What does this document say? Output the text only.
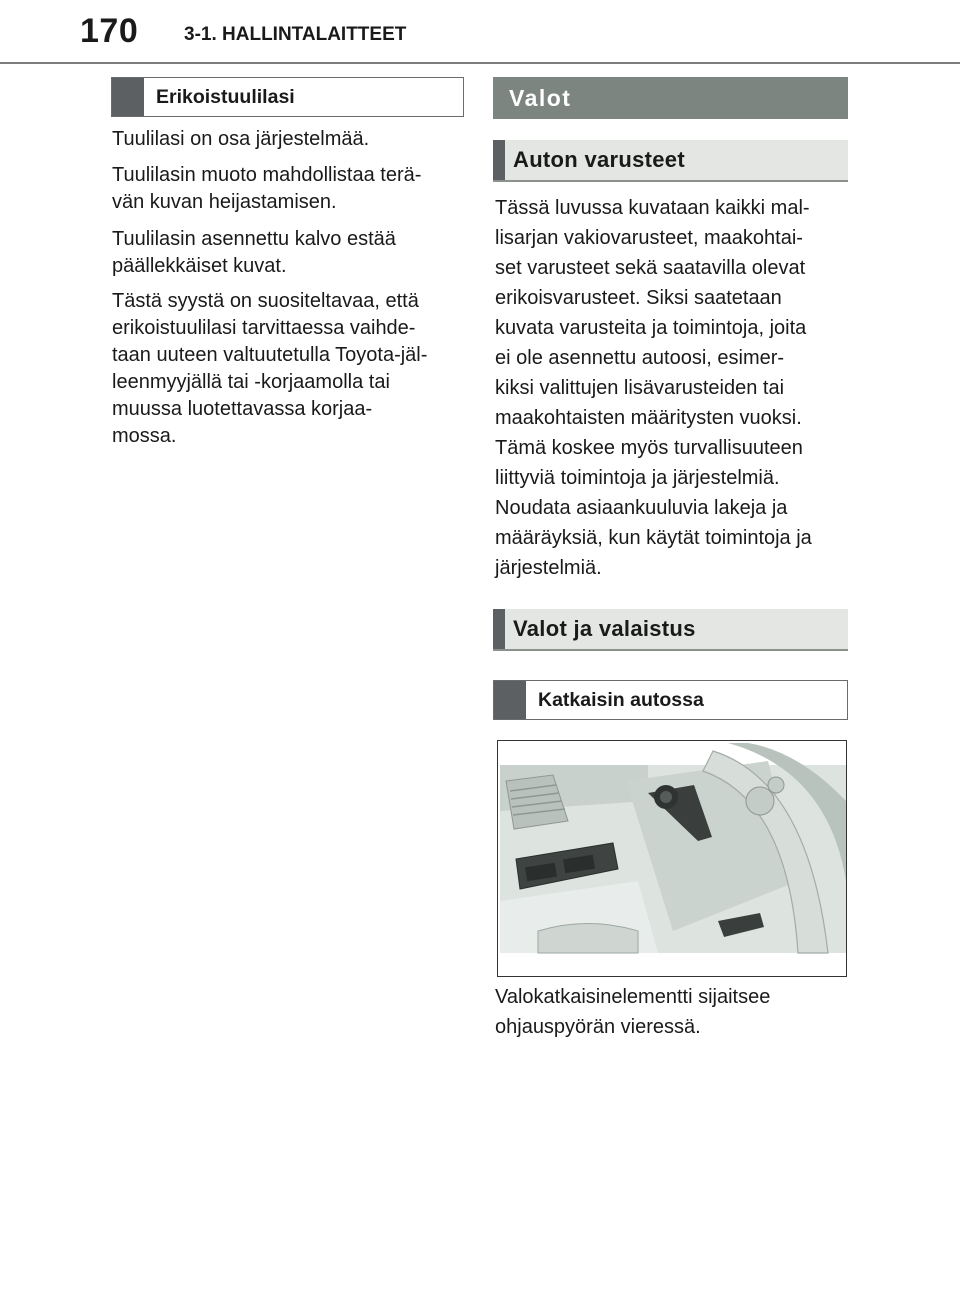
170 3-1. HALLINTALAITTEET
Erikoistuulilasi

Tuulilasi on osa järjestelmää.

Tuulilasin muoto mahdollistaa terä-
vän kuvan heijastamisen.

Tuulilasin asennettu kalvo estää
päällekkäiset kuvat.

Tästä syystä on suositeltavaa, että
erikoistuulilasi tarvittaessa vaihde-
taan uuteen valtuutetulla Toyota-jäl-
leenmyyjällä tai -korjaamolla tai
muussa luotettavassa korjaa-
mossa.

Valot
Auton varusteet

Tässä luvussa kuvataan kaikki mal-
lisarjan vakiovarusteet, maakohtai-
set varusteet sekä saatavilla olevat
erikoisvarusteet. Siksi saatetaan
kuvata varusteita ja toimintoja, joita
ei ole asennettu autoosi, esimer-
kiksi valittujen lisävarusteiden tai
maakohtaisten määritysten vuoksi.
Tämä koskee myös turvallisuuteen
liittyviä toimintoja ja järjestelmiä.
Noudata asiaankuuluvia lakeja ja
määräyksiä, kun käytät toimintoja ja
järjestelmiä.

Valot ja valaistus
Katkaisin autossa

Valokatkaisinelementti sijaitsee
ohjauspyörän vieressä.
